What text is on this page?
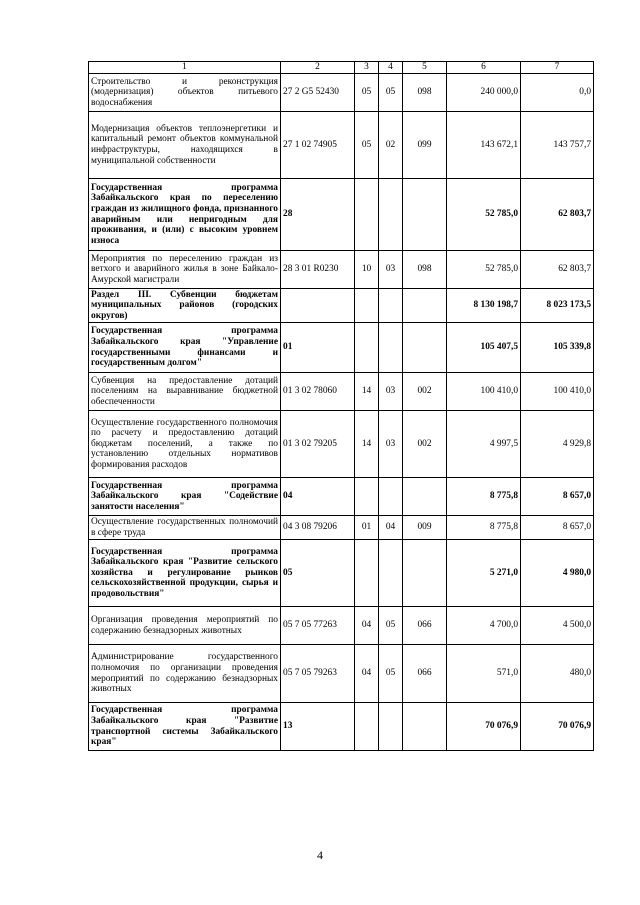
1	2	3	4	5	6	7
Строительство и реконструкция (модернизация) объектов питьевого водоснабжения	27 2 G5 52430	05	05	098	240 000,0	0,0
Модернизация объектов теплоэнергетики и капитальный ремонт объектов коммунальной инфраструктуры, находящихся в муниципальной собственности	27 1 02 74905	05	02	099	143 672,1	143 757,7
Государственная программа Забайкальского края по переселению граждан из жилищного фонда, признанного аварийным или непригодным для проживания, и (или) с высоким уровнем износа	28				52 785,0	62 803,7
Мероприятия по переселению граждан из ветхого и аварийного жилья в зоне Байкало-Амурской магистрали	28 3 01 R0230	10	03	098	52 785,0	62 803,7
Раздел III. Субвенции бюджетам муниципальных районов (городских округов)					8 130 198,7	8 023 173,5
Государственная программа Забайкальского края "Управление государственными финансами и государственным долгом"	01				105 407,5	105 339,8
Субвенция на предоставление дотаций поселениям на выравнивание бюджетной обеспеченности	01 3 02 78060	14	03	002	100 410,0	100 410,0
Осуществление государственного полномочия по расчету и предоставлению дотаций бюджетам поселений, а также по установлению отдельных нормативов формирования расходов	01 3 02 79205	14	03	002	4 997,5	4 929,8
Государственная программа Забайкальского края "Содействие занятости населения"	04				8 775,8	8 657,0
Осуществление государственных полномочий в сфере труда	04 3 08 79206	01	04	009	8 775,8	8 657,0
Государственная программа Забайкальского края "Развитие сельского хозяйства и регулирование рынков сельскохозяйственной продукции, сырья и продовольствия"	05				5 271,0	4 980,0
Организация проведения мероприятий по содержанию безнадзорных животных	05 7 05 77263	04	05	066	4 700,0	4 500,0
Администрирование государственного полномочия по организации проведения мероприятий по содержанию безнадзорных животных	05 7 05 79263	04	05	066	571,0	480,0
Государственная программа Забайкальского края "Развитие транспортной системы Забайкальского края"	13				70 076,9	70 076,9
4
